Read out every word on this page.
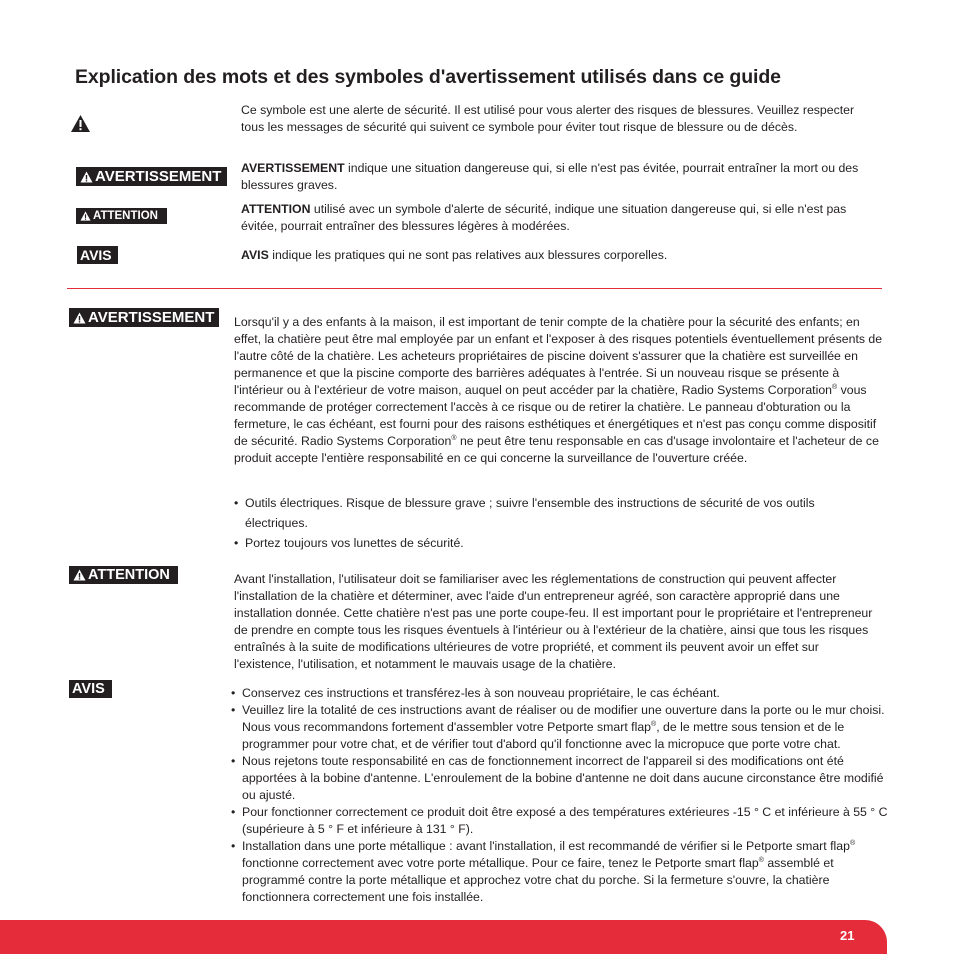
Explication des mots et des symboles d'avertissement utilisés dans ce guide
Ce symbole est une alerte de sécurité. Il est utilisé pour vous alerter des risques de blessures. Veuillez respecter tous les messages de sécurité qui suivent ce symbole pour éviter tout risque de blessure ou de décès.
AVERTISSEMENT AVERTISSEMENT indique une situation dangereuse qui, si elle n'est pas évitée, pourrait entraîner la mort ou des blessures graves.
ATTENTION	ATTENTION utilisé avec un symbole d'alerte de sécurité, indique une situation dangereuse qui, si elle n'est pas évitée, pourrait entraîner des blessures légères à modérées.
AVIS	AVIS indique les pratiques qui ne sont pas relatives aux blessures corporelles.
AVERTISSEMENT Lorsqu'il y a des enfants à la maison, il est important de tenir compte de la chatière pour la sécurité des enfants; en effet, la chatière peut être mal employée par un enfant et l'exposer à des risques potentiels éventuellement présents de l'autre côté de la chatière. Les acheteurs propriétaires de piscine doivent s'assurer que la chatière est surveillée en permanence et que la piscine comporte des barrières adéquates à l'entrée. Si un nouveau risque se présente à l'intérieur ou à l'extérieur de votre maison, auquel on peut accéder par la chatière, Radio Systems Corporation® vous recommande de protéger correctement l'accès à ce risque ou de retirer la chatière. Le panneau d'obturation ou la fermeture, le cas échéant, est fourni pour des raisons esthétiques et énergétiques et n'est pas conçu comme dispositif de sécurité. Radio Systems Corporation® ne peut être tenu responsable en cas d'usage involontaire et l'acheteur de ce produit accepte l'entière responsabilité en ce qui concerne la surveillance de l'ouverture créée.
• Outils électriques. Risque de blessure grave ; suivre l'ensemble des instructions de sécurité de vos outils électriques.
• Portez toujours vos lunettes de sécurité.
ATTENTION	Avant l'installation, l'utilisateur doit se familiariser avec les réglementations de construction qui peuvent affecter l'installation de la chatière et déterminer, avec l'aide d'un entrepreneur agréé, son caractère approprié dans une installation donnée. Cette chatière n'est pas une porte coupe-feu. Il est important pour le propriétaire et l'entrepreneur de prendre en compte tous les risques éventuels à l'intérieur ou à l'extérieur de la chatière, ainsi que tous les risques entraînés à la suite de modifications ultérieures de votre propriété, et comment ils peuvent avoir un effet sur l'existence, l'utilisation, et notamment le mauvais usage de la chatière.
AVIS
•	Conservez ces instructions et transférez-les à son nouveau propriétaire, le cas échéant.
• Veuillez lire la totalité de ces instructions avant de réaliser ou de modifier une ouverture dans la porte ou le mur choisi. Nous vous recommandons fortement d'assembler votre Petporte smart flap®, de le mettre sous tension et de le programmer pour votre chat, et de vérifier tout d'abord qu'il fonctionne avec la micropuce que porte votre chat.
• Nous rejetons toute responsabilité en cas de fonctionnement incorrect de l'appareil si des modifications ont été apportées à la bobine d'antenne. L'enroulement de la bobine d'antenne ne doit dans aucune circonstance être modifié ou ajusté.
• Pour fonctionner correctement ce produit doit être exposé a des températures extérieures -15 ° C et inférieure à 55 ° C (supérieure à 5 ° F et inférieure à 131 ° F).
• Installation dans une porte métallique : avant l'installation, il est recommandé de vérifier si le Petporte smart flap® fonctionne correctement avec votre porte métallique. Pour ce faire, tenez le Petporte smart flap® assemblé et programmé contre la porte métallique et approchez votre chat du porche. Si la fermeture s'ouvre, la chatière fonctionnera correctement une fois installée.
21
